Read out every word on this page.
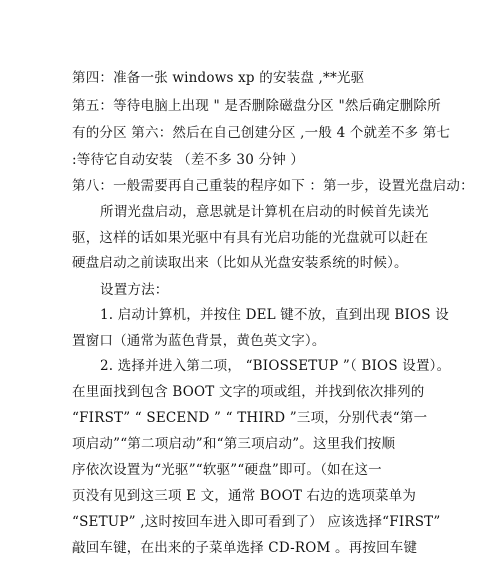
第四：准备一张 windows xp 的安装盘 ,**光驱
第五：等待电脑上出现 " 是否删除磁盘分区 "然后确定删除所
有的分区 第六：然后在自己创建分区 ,一般 4 个就差不多 第七
:等待它自动安装 （差不多 30 分钟 ）
第八：一般需要再自己重装的程序如下 ：第一步，设置光盘启动：
所谓光盘启动，意思就是计算机在启动的时候首先读光
驱，这样的话如果光驱中有具有光启功能的光盘就可以赶在
硬盘启动之前读取出来（比如从光盘安装系统的时候）。
设置方法：
1. 启动计算机，并按住 DEL 键不放，直到出现 BIOS 设
置窗口（通常为蓝色背景，黄色英文字）。
2. 选择并进入第二项， “BIOSSETUP ”（ BIOS 设置）。
在里面找到包含 BOOT 文字的项或组，并找到依次排列的
“FIRST” “ SECEND ” “ THIRD ”三项，分别代表“第一
项启动”“第二项启动”和“第三项启动”。这里我们按顺
序依次设置为“光驱”“软驱”“硬盘”即可。（如在这一
页没有见到这三项 E 文，通常 BOOT 右边的选项菜单为
“SETUP” ,这时按回车进入即可看到了） 应该选择“FIRST”
敲回车键，在出来的子菜单选择 CD-ROM 。再按回车键
